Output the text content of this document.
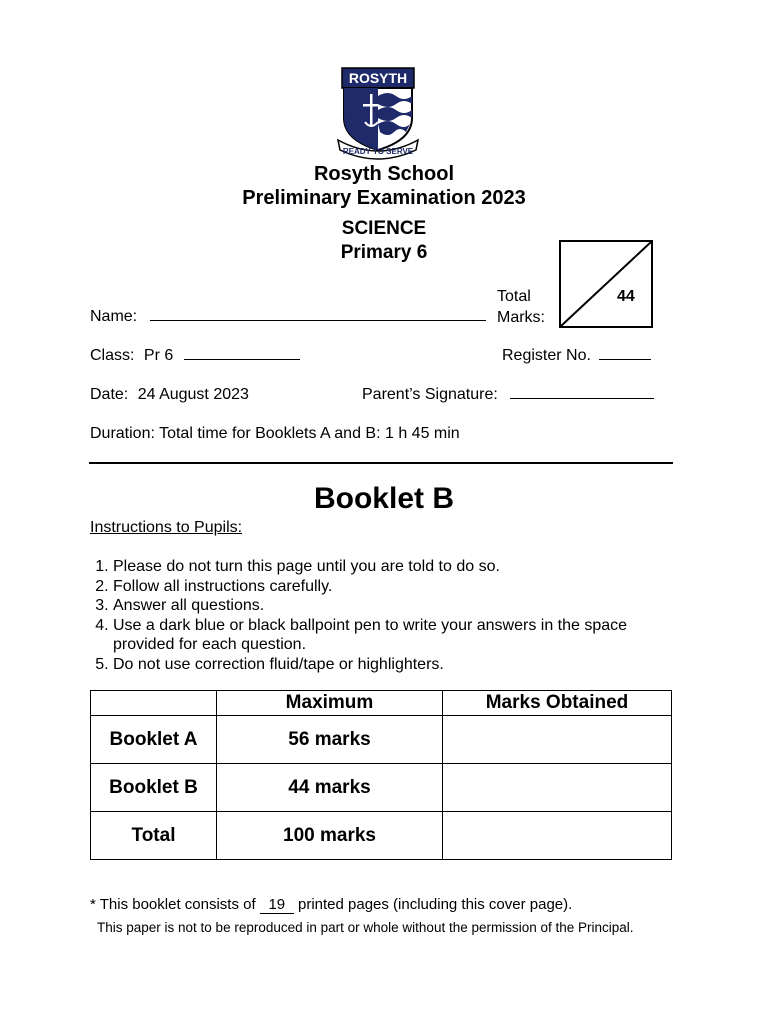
ROSYTH
READY TO SERVE
Rosyth School
Preliminary Examination 2023
SCIENCE
Primary 6
Total
Marks:
44
Name:
Class: Pr 6	Register No.
Date: 24 August 2023	Parent’s Signature:
Duration: Total time for Booklets A and B: 1 h 45 min
Booklet B
Instructions to Pupils:
1. Please do not turn this page until you are told to do so.
2. Follow all instructions carefully.
3. Answer all questions.
4. Use a dark blue or black ballpoint pen to write your answers in the space provided for each question.
5. Do not use correction fluid/tape or highlighters.
	Maximum	Marks Obtained
Booklet A	56 marks	
Booklet B	44 marks	
Total	100 marks	
* This booklet consists of 19 printed pages (including this cover page).
This paper is not to be reproduced in part or whole without the permission of the Principal.
